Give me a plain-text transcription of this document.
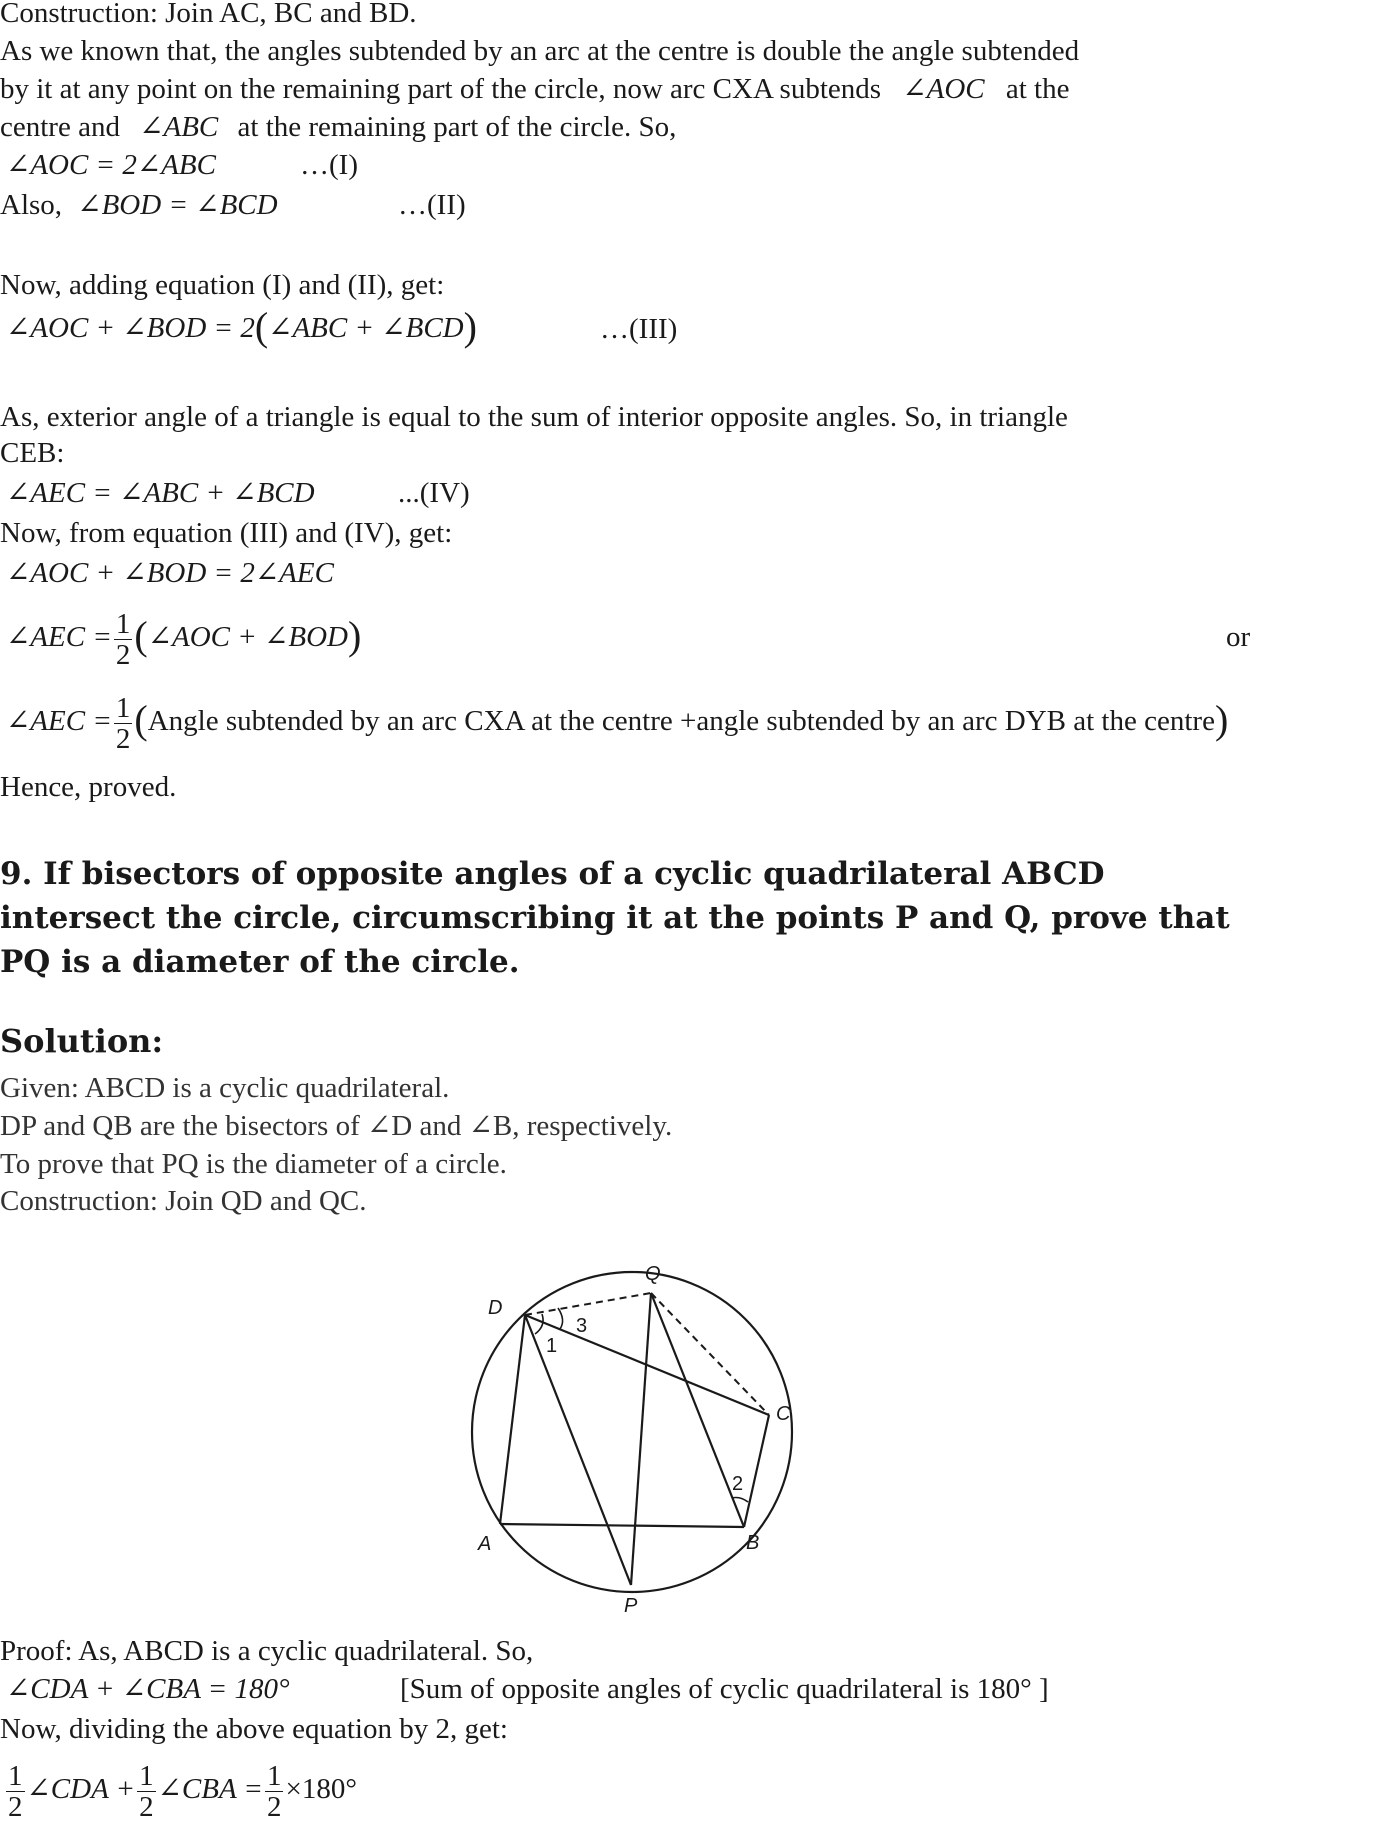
Construction: Join AC, BC and BD.
As we known that, the angles subtended by an arc at the centre is double the angle subtended
by it at any point on the remaining part of the circle, now arc CXA subtends ∠AOC at the
centre and ∠ABC at the remaining part of the circle. So,
∠AOC = 2∠ABC	…(I)
Also, ∠BOD = ∠BCD	…(II)
Now, adding equation (I) and (II), get:
∠AOC + ∠BOD = 2(∠ABC + ∠BCD)	…(III)
As, exterior angle of a triangle is equal to the sum of interior opposite angles. So, in triangle
CEB:
∠AEC = ∠ABC + ∠BCD	...(IV)
Now, from equation (III) and (IV), get:
∠AOC + ∠BOD = 2∠AEC
∠AEC = $\frac{1}{2}$ (∠AOC + ∠BOD)	or
∠AEC = $\frac{1}{2}$ (Angle subtended by an arc CXA at the centre +angle subtended by an arc DYB at the centre)
Hence, proved.
9. If bisectors of opposite angles of a cyclic quadrilateral ABCD intersect the circle, circumscribing it at the points P and Q, prove that PQ is a diameter of the circle.
Solution:
Given: ABCD is a cyclic quadrilateral.
DP and QB are the bisectors of ∠D and ∠B, respectively.
To prove that PQ is the diameter of a circle.
Construction: Join QD and QC.
D
Q
C
B
A
P
1
2
3
Proof: As, ABCD is a cyclic quadrilateral. So,
∠CDA + ∠CBA = 180°	[Sum of opposite angles of cyclic quadrilateral is 180° ]
Now, dividing the above equation by 2, get:
$\frac{1}{2}$ ∠CDA + $\frac{1}{2}$ ∠CBA = $\frac{1}{2} \times 180^\circ$
